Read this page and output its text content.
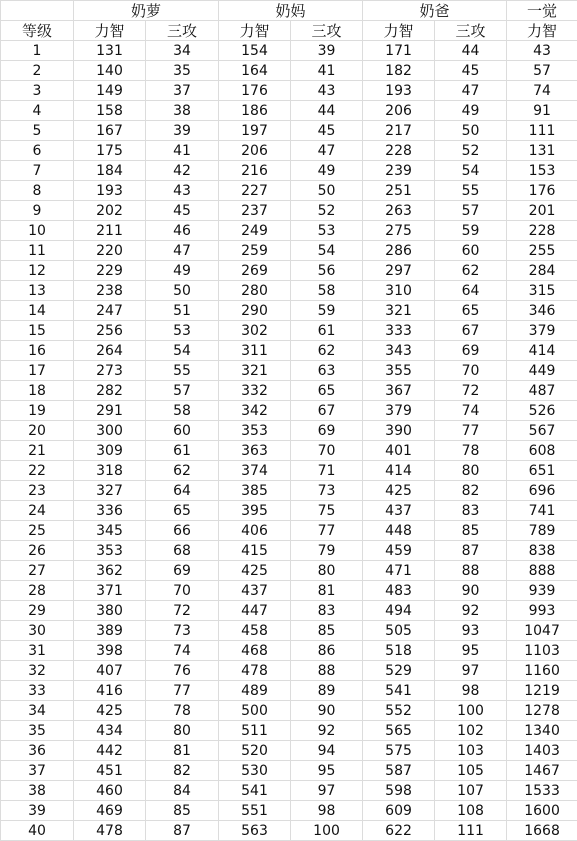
	奶萝		奶妈		奶爸		一觉
等级	力智	三攻	力智	三攻	力智	三攻	力智
1	131	34	154	39	171	44	43
2	140	35	164	41	182	45	57
3	149	37	176	43	193	47	74
4	158	38	186	44	206	49	91
5	167	39	197	45	217	50	111
6	175	41	206	47	228	52	131
7	184	42	216	49	239	54	153
8	193	43	227	50	251	55	176
9	202	45	237	52	263	57	201
10	211	46	249	53	275	59	228
11	220	47	259	54	286	60	255
12	229	49	269	56	297	62	284
13	238	50	280	58	310	64	315
14	247	51	290	59	321	65	346
15	256	53	302	61	333	67	379
16	264	54	311	62	343	69	414
17	273	55	321	63	355	70	449
18	282	57	332	65	367	72	487
19	291	58	342	67	379	74	526
20	300	60	353	69	390	77	567
21	309	61	363	70	401	78	608
22	318	62	374	71	414	80	651
23	327	64	385	73	425	82	696
24	336	65	395	75	437	83	741
25	345	66	406	77	448	85	789
26	353	68	415	79	459	87	838
27	362	69	425	80	471	88	888
28	371	70	437	81	483	90	939
29	380	72	447	83	494	92	993
30	389	73	458	85	505	93	1047
31	398	74	468	86	518	95	1103
32	407	76	478	88	529	97	1160
33	416	77	489	89	541	98	1219
34	425	78	500	90	552	100	1278
35	434	80	511	92	565	102	1340
36	442	81	520	94	575	103	1403
37	451	82	530	95	587	105	1467
38	460	84	541	97	598	107	1533
39	469	85	551	98	609	108	1600
40	478	87	563	100	622	111	1668
